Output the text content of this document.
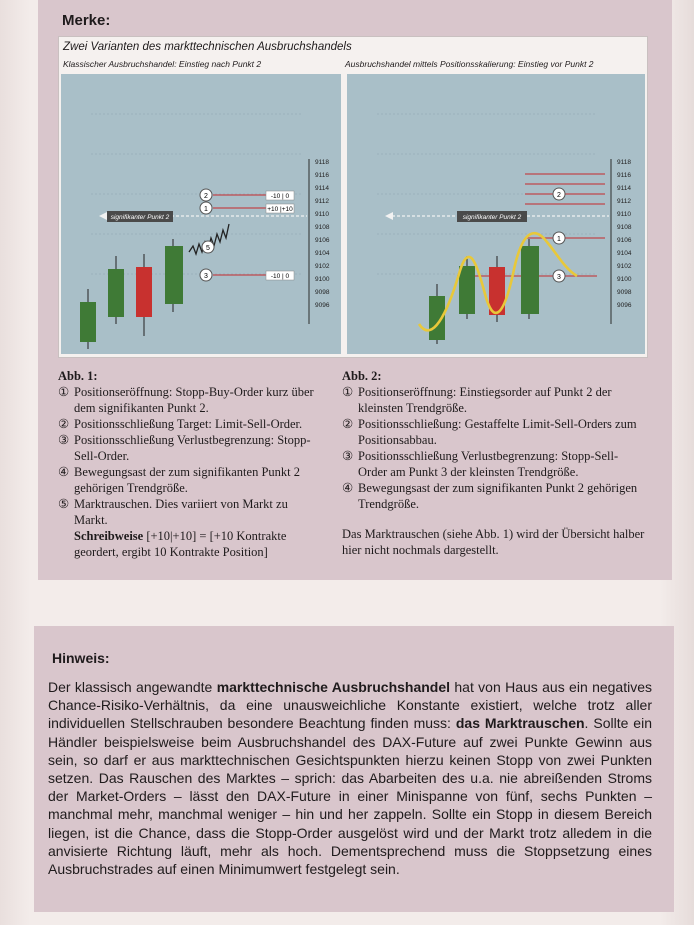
Merke:
Zwei Varianten des markttechnischen Ausbruchshandels
Klassischer Ausbruchshandel: Einstieg nach Punkt 2	Ausbruchshandel mittels Positionsskalierung: Einstieg vor Punkt 2
9118
9116
9114
9112
9110
9108
9106
9104
9102
9100
9098
9096
signifikanter Punkt 2
-10 | 0
+10 |+10
-10 | 0
2
1
5
3
9118
9116
9114
9112
9110
9108
9106
9104
9102
9100
9098
9096
signifikanter Punkt 2
2
1
3
Abb. 1:
① Positionseröffnung: Stopp-Buy-Order kurz über dem signifikanten Punkt 2.
② Positionsschließung Target: Limit-Sell-Order.
③ Positionsschließung Verlustbegrenzung: Stopp-Sell-Order.
④ Bewegungsast der zum signifikanten Punkt 2 gehörigen Trendgröße.
⑤ Marktrauschen. Dies variiert von Markt zu Markt.
Schreibweise [+10|+10] = [+10 Kontrakte geordert, ergibt 10 Kontrakte Position]
Abb. 2:
① Positionseröffnung: Einstiegsorder auf Punkt 2 der kleinsten Trendgröße.
② Positionsschließung: Gestaffelte Limit-Sell-Orders zum Positionsabbau.
③ Positionsschließung Verlustbegrenzung: Stopp-Sell-Order am Punkt 3 der kleinsten Trendgröße.
④ Bewegungsast der zum signifikanten Punkt 2 gehörigen Trendgröße.
Das Marktrauschen (siehe Abb. 1) wird der Übersicht halber hier nicht nochmals dargestellt.
Hinweis:
Der klassisch angewandte markttechnische Ausbruchshandel hat von Haus aus ein negatives Chance-Risiko-Verhältnis, da eine unausweichliche Konstante existiert, welche trotz aller individuellen Stellschrauben besondere Beachtung finden muss: das Marktrauschen. Sollte ein Händler beispielsweise beim Ausbruchshandel des DAX-Future auf zwei Punkte Gewinn aus sein, so darf er aus markttechnischen Gesichtspunkten hierzu keinen Stopp von zwei Punkten setzen. Das Rauschen des Marktes – sprich: das Abarbeiten des u.a. nie abreißenden Stroms der Market-Orders – lässt den DAX-Future in einer Minispanne von fünf, sechs Punkten – manchmal mehr, manchmal weniger – hin und her zappeln. Sollte ein Stopp in diesem Bereich liegen, ist die Chance, dass die Stopp-Order ausgelöst wird und der Markt trotz alledem in die anvisierte Richtung läuft, mehr als hoch. Dementsprechend muss die Stoppsetzung eines Ausbruchstrades auf einen Minimumwert festgelegt sein.
